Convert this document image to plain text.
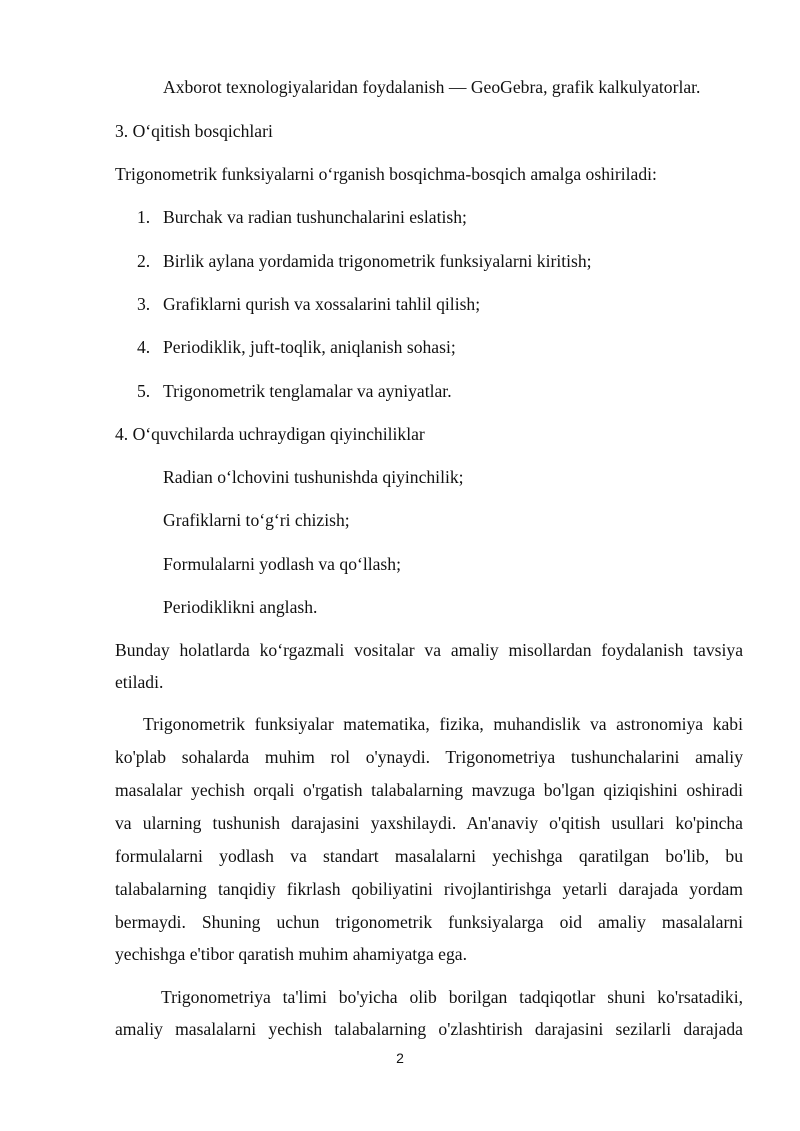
Axborot texnologiyalaridan foydalanish — GeoGebra, grafik kalkulyatorlar.
3. O‘qitish bosqichlari
Trigonometrik funksiyalarni o‘rganish bosqichma-bosqich amalga oshiriladi:
1. Burchak va radian tushunchalarini eslatish;
2. Birlik aylana yordamida trigonometrik funksiyalarni kiritish;
3. Grafiklarni qurish va xossalarini tahlil qilish;
4. Periodiklik, juft-toqlik, aniqlanish sohasi;
5. Trigonometrik tenglamalar va ayniyatlar.
4. O‘quvchilarda uchraydigan qiyinchiliklar
Radian o‘lchovini tushunishda qiyinchilik;
Grafiklarni to‘g‘ri chizish;
Formulalarni yodlash va qo‘llash;
Periodiklikni anglash.
Bunday holatlarda ko‘rgazmali vositalar va amaliy misollardan foydalanish tavsiya
etiladi.
Trigonometrik funksiyalar matematika, fizika, muhandislik va astronomiya kabi
ko'plab sohalarda muhim rol o'ynaydi. Trigonometriya tushunchalarini amaliy
masalalar yechish orqali o'rgatish talabalarning mavzuga bo'lgan qiziqishini oshiradi
va ularning tushunish darajasini yaxshilaydi. An'anaviy o'qitish usullari ko'pincha
formulalarni yodlash va standart masalalarni yechishga qaratilgan bo'lib, bu
talabalarning tanqidiy fikrlash qobiliyatini rivojlantirishga yetarli darajada yordam
bermaydi. Shuning uchun trigonometrik funksiyalarga oid amaliy masalalarni
yechishga e'tibor qaratish muhim ahamiyatga ega.
Trigonometriya ta'limi bo'yicha olib borilgan tadqiqotlar shuni ko'rsatadiki,
amaliy masalalarni yechish talabalarning o'zlashtirish darajasini sezilarli darajada
2
